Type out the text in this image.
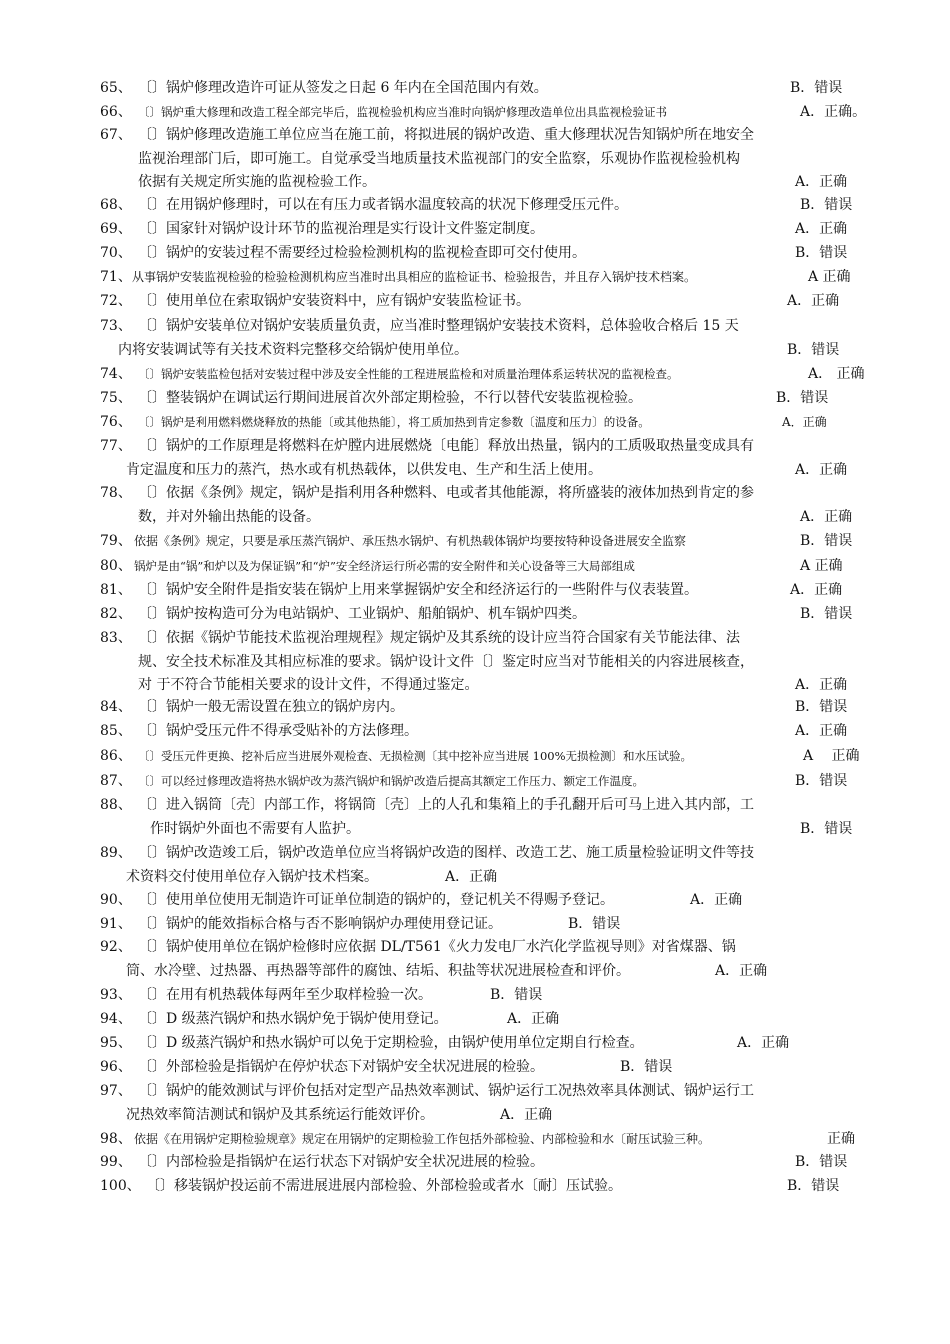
65、 〔〕锅炉修理改造许可证从签发之日起 6 年内在全国范围内有效。	B．错误
66、 〔〕锅炉重大修理和改造工程全部完毕后，监视检验机构应当准时向锅炉修理改造单位出具监视检验证书	A．正确。
67、 〔〕锅炉修理改造施工单位应当在施工前，将拟进展的锅炉改造、重大修理状况告知锅炉所在地安全
监视治理部门后，即可施工。自觉承受当地质量技术监视部门的安全监察，乐观协作监视检验机构
依据有关规定所实施的监视检验工作。	A．正确
68、 〔〕在用锅炉修理时，可以在有压力或者锅水温度较高的状况下修理受压元件。	B．错误
69、 〔〕国家针对锅炉设计环节的监视治理是实行设计文件鉴定制度。	A．正确
70、 〔〕锅炉的安装过程不需要经过检验检测机构的监视检查即可交付使用。	B．错误
71、 从事锅炉安装监视检验的检验检测机构应当准时出具相应的监检证书、检验报告，并且存入锅炉技术档案。	A 正确
72、 〔〕使用单位在索取锅炉安装资料中，应有锅炉安装监检证书。	A．正确
73、 〔〕锅炉安装单位对锅炉安装质量负责，应当准时整理锅炉安装技术资料，总体验收合格后 15 天
内将安装调试等有关技术资料完整移交给锅炉使用单位。	B．错误
74、 〔〕锅炉安装监检包括对安装过程中涉及安全性能的工程进展监检和对质量治理体系运转状况的监视检查。	A． 正确
75、 〔〕整装锅炉在调试运行期间进展首次外部定期检验，不行以替代安装监视检验。	B．错误
76、 〔〕锅炉是利用燃料燃烧释放的热能〔或其他热能〕，将工质加热到肯定参数〔温度和压力〕的设备。	A．正确
77、 〔〕锅炉的工作原理是将燃料在炉膛内进展燃烧〔电能〕释放出热量，锅内的工质吸取热量变成具有
肯定温度和压力的蒸汽，热水或有机热载体，以供发电、生产和生活上使用。	A．正确
78、 〔〕依据《条例》规定，锅炉是指利用各种燃料、电或者其他能源，将所盛装的液体加热到肯定的参
数，并对外输出热能的设备。	A．正确
79、 依据《条例》规定，只要是承压蒸汽锅炉、承压热水锅炉、有机热载体锅炉均要按特种设备进展安全监察	B．错误
80、 锅炉是由“锅”和炉以及为保证锅”和“炉”安全经济运行所必需的安全附件和关心设备等三大局部组成	A 正确
81、 〔〕锅炉安全附件是指安装在锅炉上用来掌握锅炉安全和经济运行的一些附件与仪表装置。	A．正确
82、 〔〕锅炉按构造可分为电站锅炉、工业锅炉、船舶锅炉、机车锅炉四类。	B．错误
83、 〔〕依据《锅炉节能技术监视治理规程》规定锅炉及其系统的设计应当符合国家有关节能法律、法
规、安全技术标准及其相应标准的要求。锅炉设计文件〔〕鉴定时应当对节能相关的内容进展核查，
对 于不符合节能相关要求的设计文件，不得通过鉴定。	A．正确
84、 〔〕锅炉一般无需设置在独立的锅炉房内。	B．错误
85、 〔〕锅炉受压元件不得承受贴补的方法修理。	A．正确
86、 〔〕受压元件更换、挖补后应当进展外观检查、无损检测〔其中挖补应当进展 100%无损检测〕和水压试验。	A　 正确
87、 〔〕可以经过修理改造将热水锅炉改为蒸汽锅炉和锅炉改造后提高其额定工作压力、额定工作温度。	B．错误
88、 〔〕进入锅筒〔壳〕内部工作，将锅筒〔壳〕上的人孔和集箱上的手孔翻开后可马上进入其内部，工
作时锅炉外面也不需要有人监护。	B．错误
89、 〔〕锅炉改造竣工后，锅炉改造单位应当将锅炉改造的图样、改造工艺、施工质量检验证明文件等技
术资料交付使用单位存入锅炉技术档案。	A．正确
90、 〔〕使用单位使用无制造许可证单位制造的锅炉的，登记机关不得赐予登记。	A．正确
91、 〔〕锅炉的能效指标合格与否不影响锅炉办理使用登记证。	B．错误
92、 〔〕锅炉使用单位在锅炉检修时应依据 DL/T561《火力发电厂水汽化学监视导则》对省煤器、锅
筒、水冷壁、过热器、再热器等部件的腐蚀、结垢、积盐等状况进展检查和评价。	A．正确
93、 〔〕在用有机热载体每两年至少取样检验一次。	B．错误
94、 〔〕D 级蒸汽锅炉和热水锅炉免于锅炉使用登记。	A．正确
95、 〔〕D 级蒸汽锅炉和热水锅炉可以免于定期检验，由锅炉使用单位定期自行检查。	A．正确
96、 〔〕外部检验是指锅炉在停炉状态下对锅炉安全状况进展的检验。	B．错误
97、 〔〕锅炉的能效测试与评价包括对定型产品热效率测试、锅炉运行工况热效率具体测试、锅炉运行工
况热效率简洁测试和锅炉及其系统运行能效评价。	A．正确
98、 依据《在用锅炉定期检验规章》规定在用锅炉的定期检验工作包括外部检验、内部检验和水〔耐压试验三种。	正确
99、 〔〕内部检验是指锅炉在运行状态下对锅炉安全状况进展的检验。	B．错误
100、 〔〕移装锅炉投运前不需进展进展内部检验、外部检验或者水〔耐〕压试验。	B．错误
